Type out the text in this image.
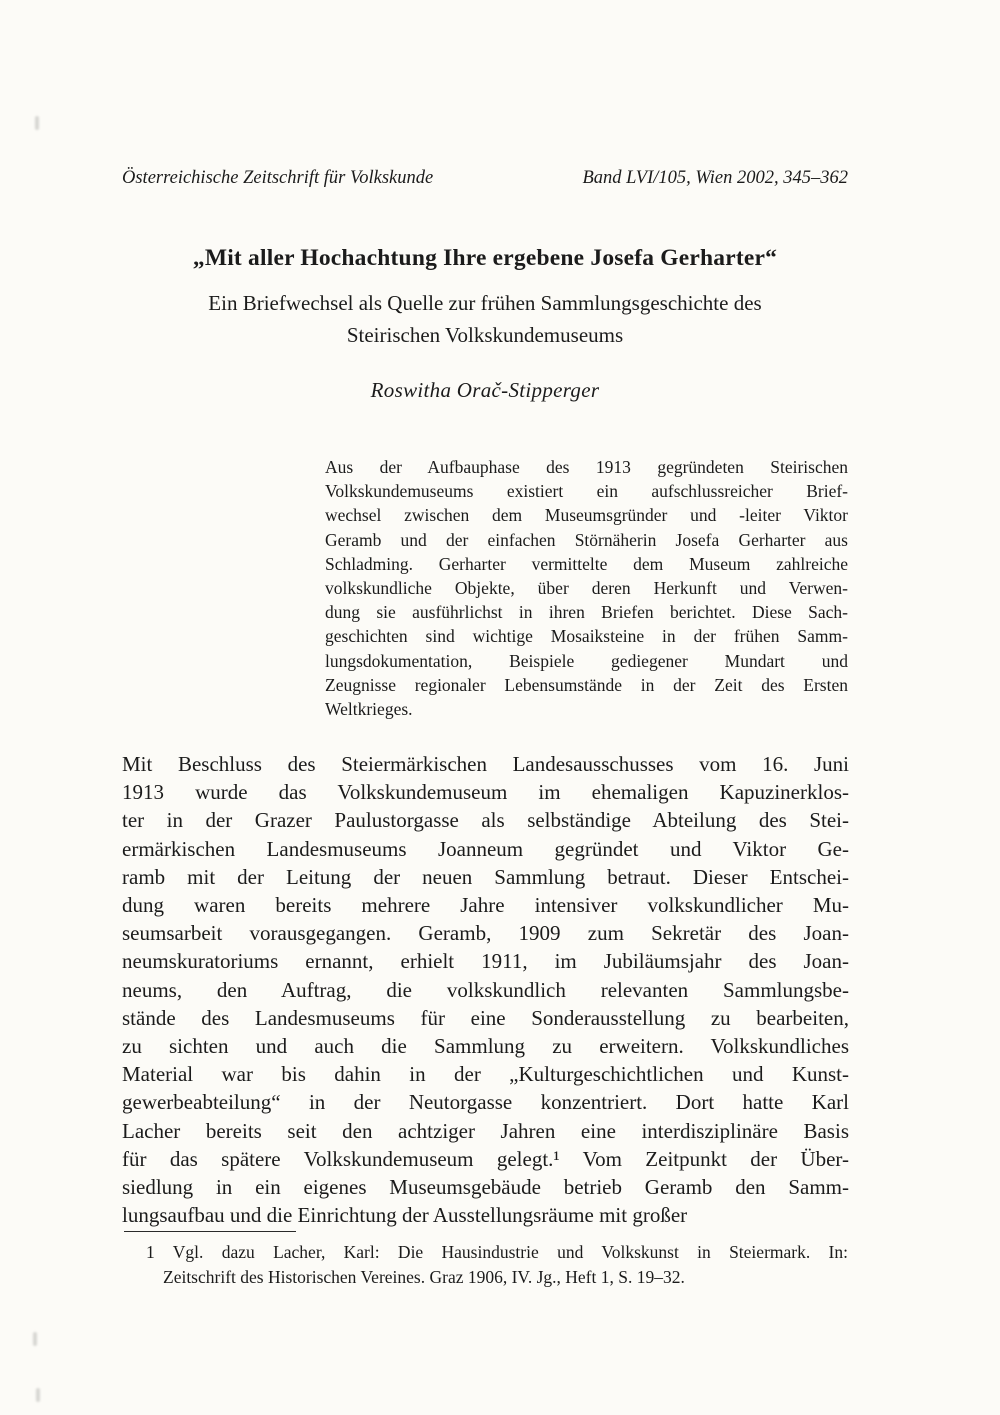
Österreichische Zeitschrift für Volkskunde	Band LVI/105, Wien 2002, 345–362
„Mit aller Hochachtung Ihre ergebene Josefa Gerharter“
Ein Briefwechsel als Quelle zur frühen Sammlungsgeschichte des
Steirischen Volkskundemuseums
Roswitha Orač-Stipperger
Aus der Aufbauphase des 1913 gegründeten Steirischen
Volkskundemuseums existiert ein aufschlussreicher Brief-
wechsel zwischen dem Museumsgründer und -leiter Viktor
Geramb und der einfachen Störnäherin Josefa Gerharter aus
Schladming. Gerharter vermittelte dem Museum zahlreiche
volkskundliche Objekte, über deren Herkunft und Verwen-
dung sie ausführlichst in ihren Briefen berichtet. Diese Sach-
geschichten sind wichtige Mosaiksteine in der frühen Samm-
lungsdokumentation, Beispiele gediegener Mundart und
Zeugnisse regionaler Lebensumstände in der Zeit des Ersten
Weltkrieges.
Mit Beschluss des Steiermärkischen Landesausschusses vom 16. Juni
1913 wurde das Volkskundemuseum im ehemaligen Kapuzinerklos-
ter in der Grazer Paulustorgasse als selbständige Abteilung des Stei-
ermärkischen Landesmuseums Joanneum gegründet und Viktor Ge-
ramb mit der Leitung der neuen Sammlung betraut. Dieser Entschei-
dung waren bereits mehrere Jahre intensiver volkskundlicher Mu-
seumsarbeit vorausgegangen. Geramb, 1909 zum Sekretär des Joan-
neumskuratoriums ernannt, erhielt 1911, im Jubiläumsjahr des Joan-
neums, den Auftrag, die volkskundlich relevanten Sammlungsbe-
stände des Landesmuseums für eine Sonderausstellung zu bearbeiten,
zu sichten und auch die Sammlung zu erweitern. Volkskundliches
Material war bis dahin in der „Kulturgeschichtlichen und Kunst-
gewerbeabteilung“ in der Neutorgasse konzentriert. Dort hatte Karl
Lacher bereits seit den achtziger Jahren eine interdisziplinäre Basis
für das spätere Volkskundemuseum gelegt.¹ Vom Zeitpunkt der Über-
siedlung in ein eigenes Museumsgebäude betrieb Geramb den Samm-
lungsaufbau und die Einrichtung der Ausstellungsräume mit großer
1 Vgl. dazu Lacher, Karl: Die Hausindustrie und Volkskunst in Steiermark. In:
Zeitschrift des Historischen Vereines. Graz 1906, IV. Jg., Heft 1, S. 19–32.
